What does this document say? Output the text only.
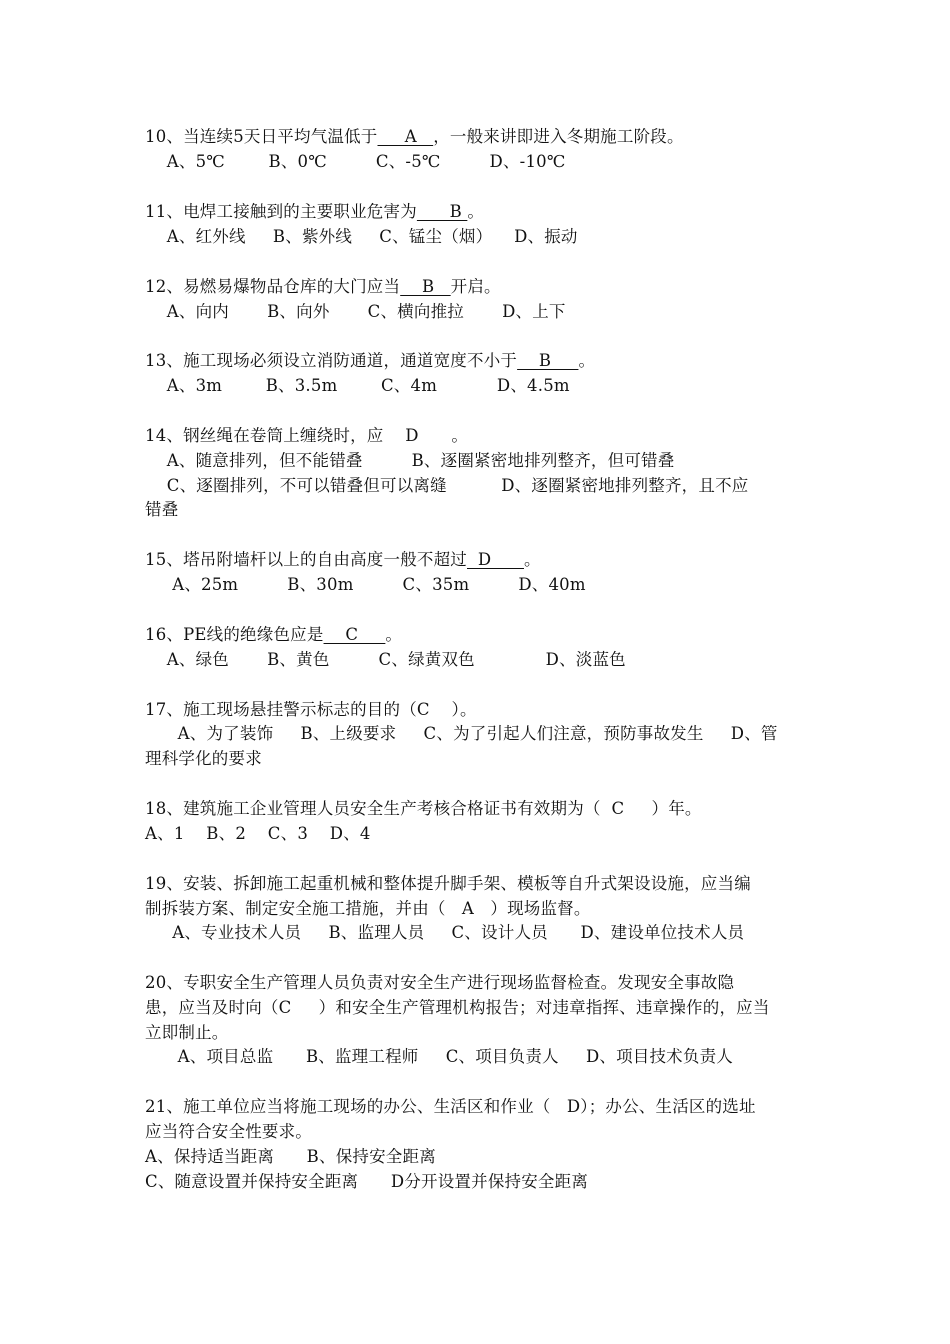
10、当连续5天日平均气温低于     A   ，一般来讲即进入冬期施工阶段。
A、5℃        B、0℃         C、-5℃         D、-10℃
11、电焊工接触到的主要职业危害为      B 。
A、红外线     B、紫外线     C、锰尘（烟）    D、振动
12、易燃易爆物品仓库的大门应当    B   开启。
A、向内       B、向外       C、横向推拉       D、上下
13、施工现场必须设立消防通道，通道宽度不小于    B     。
A、3m        B、3.5m        C、4m           D、4.5m
14、钢丝绳在卷筒上缠绕时，应    D      。
A、随意排列，但不能错叠         B、逐圈紧密地排列整齐，但可错叠
C、逐圈排列，不可以错叠但可以离缝          D、逐圈紧密地排列整齐，且不应
错叠
15、塔吊附墙杆以上的自由高度一般不超过  D      。
A、25m         B、30m         C、35m         D、40m
16、PE线的绝缘色应是    C     。
A、绿色       B、黄色         C、绿黄双色             D、淡蓝色
17、施工现场悬挂警示标志的目的（C    ）。
A、为了装饰     B、上级要求     C、为了引起人们注意，预防事故发生     D、管
理科学化的要求
18、建筑施工企业管理人员安全生产考核合格证书有效期为（  C     ）年。
A、1    B、2    C、3    D、4
19、安装、拆卸施工起重机械和整体提升脚手架、模板等自升式架设设施，应当编
制拆装方案、制定安全施工措施，并由（   A   ）现场监督。
A、专业技术人员     B、监理人员     C、设计人员      D、建设单位技术人员
20、专职安全生产管理人员负责对安全生产进行现场监督检查。发现安全事故隐
患，应当及时向（C     ）和安全生产管理机构报告；对违章指挥、违章操作的，应当
立即制止。
A、项目总监      B、监理工程师     C、项目负责人     D、项目技术负责人
21、施工单位应当将施工现场的办公、生活区和作业（   D）；办公、生活区的选址
应当符合安全性要求。
A、保持适当距离      B、保持安全距离
C、随意设置并保持安全距离      D分开设置并保持安全距离
